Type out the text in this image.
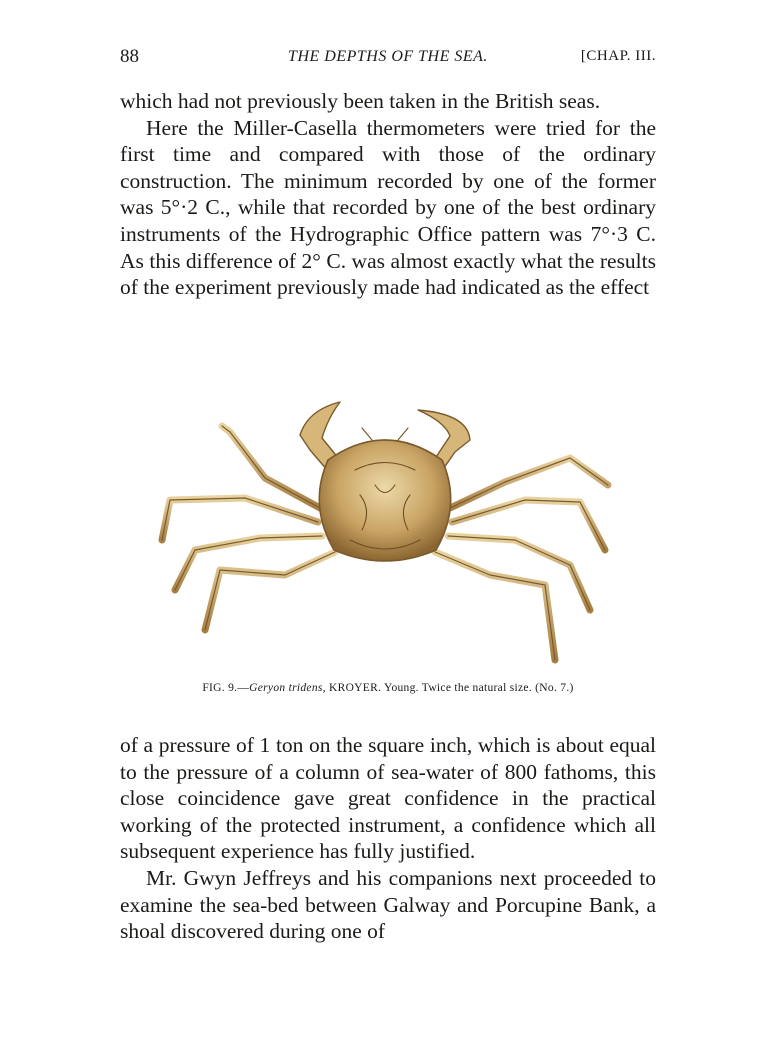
88	THE DEPTHS OF THE SEA.	[CHAP. III.

which had not previously been taken in the British seas.

Here the Miller-Casella thermometers were tried for the first time and compared with those of the ordinary construction. The minimum recorded by one of the former was 5°·2 C., while that recorded by one of the best ordinary instruments of the Hydrographic Office pattern was 7°·3 C. As this difference of 2° C. was almost exactly what the results of the experiment previously made had indicated as the effect

FIG. 9.—Geryon tridens, KROYER. Young. Twice the natural size. (No. 7.)

of a pressure of 1 ton on the square inch, which is about equal to the pressure of a column of sea-water of 800 fathoms, this close coincidence gave great confidence in the practical working of the protected instrument, a confidence which all subsequent experience has fully justified.

Mr. Gwyn Jeffreys and his companions next proceeded to examine the sea-bed between Galway and Porcupine Bank, a shoal discovered during one of
